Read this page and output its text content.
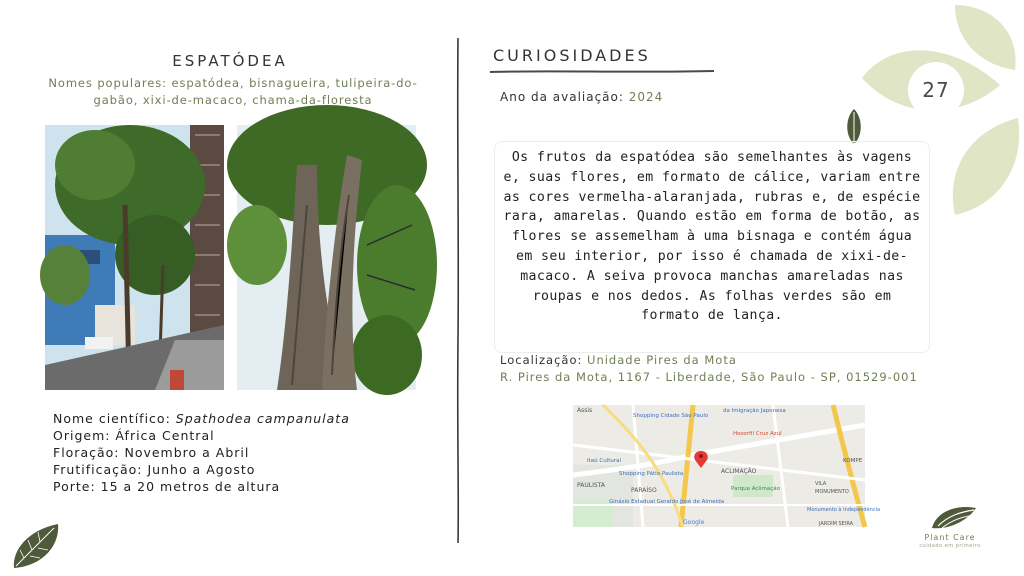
27
ESPATÓDEA
Nomes populares: espatódea, bisnagueira, tulipeira-do-gabão, xixi-de-macaco, chama-da-floresta
Nome científico: Spathodea campanulata
Origem: África Central
Floração: Novembro a Abril
Frutificação: Junho a Agosto
Porte: 15 a 20 metros de altura
CURIOSIDADES
Ano da avaliação: 2024
Os frutos da espatódea são semelhantes às vagens e, suas flores, em formato de cálice, variam entre as cores vermelha-alaranjada, rubras e, de espécie rara, amarelas. Quando estão em forma de botão, as flores se assemelham à uma bisnaga e contém água em seu interior, por isso é chamada de xixi-de-macaco. A seiva provoca manchas amareladas nas roupas e nos dedos. As folhas verdes são em formato de lança.
Localização: Unidade Pires da Mota
R. Pires da Mota, 1167 - Liberdade, São Paulo - SP, 01529-001
Assis
Shopping Cidade São Paulo
da Imigração Japonesa
Hoxorfil Cruz Azul
Itaú Cultural
Shopping Pátio Paulista	ACLIMAÇÃO
KOMPE
PAULISTA
PARAÍSO	Parque Aclimação
VILA
MONUMENTO
Ginásio Estadual Geraldo José de Almeida
Monumento à Independência
Google	JARDIM SEIRA
Plant Care
cuidado em primeiro
